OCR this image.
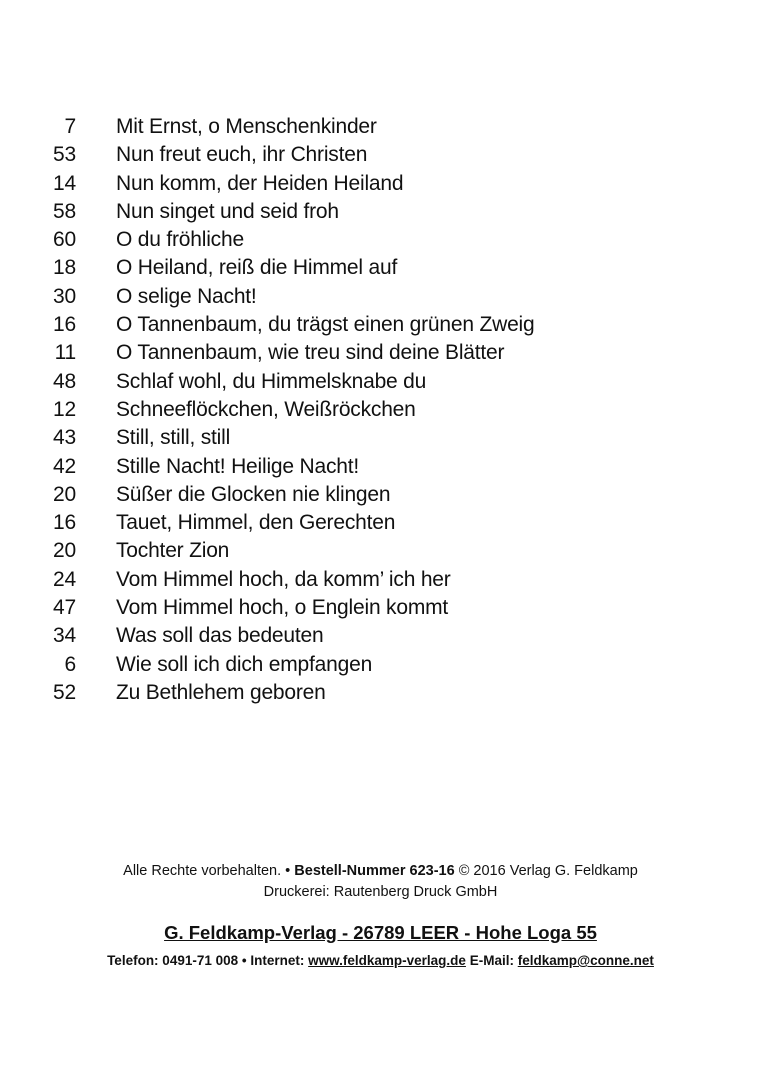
7 Mit Ernst, o Menschenkinder
53 Nun freut euch, ihr Christen
14 Nun komm, der Heiden Heiland
58 Nun singet und seid froh
60 O du fröhliche
18 O Heiland, reiß die Himmel auf
30 O selige Nacht!
16 O Tannenbaum, du trägst einen grünen Zweig
11 O Tannenbaum, wie treu sind deine Blätter
48 Schlaf wohl, du Himmelsknabe du
12 Schneeflöckchen, Weißröckchen
43 Still, still, still
42 Stille Nacht! Heilige Nacht!
20 Süßer die Glocken nie klingen
16 Tauet, Himmel, den Gerechten
20 Tochter Zion
24 Vom Himmel hoch, da komm’ ich her
47 Vom Himmel hoch, o Englein kommt
34 Was soll das bedeuten
6 Wie soll ich dich empfangen
52 Zu Bethlehem geboren
Alle Rechte vorbehalten. • Bestell-Nummer 623-16 © 2016 Verlag G. Feldkamp
Druckerei: Rautenberg Druck GmbH
G. Feldkamp-Verlag - 26789 LEER - Hohe Loga 55
Telefon: 0491-71 008 • Internet: www.feldkamp-verlag.de E-Mail: feldkamp@conne.net
